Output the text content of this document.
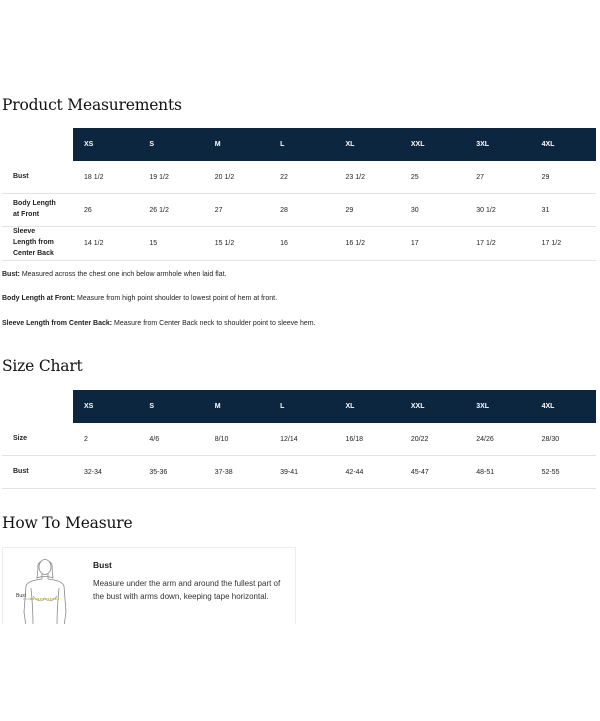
Product Measurements
	XS	S	M	L	XL	XXL	3XL	4XL
Bust	18 1/2	19 1/2	20 1/2	22	23 1/2	25	27	29
Body Length
at Front	26	26 1/2	27	28	29	30	30 1/2	31
Sleeve
Length from
Center Back	14 1/2	15	15 1/2	16	16 1/2	17	17 1/2	17 1/2

Bust: Measured across the chest one inch below armhole when laid flat.

Body Length at Front: Measure from high point shoulder to lowest point of hem at front.

Sleeve Length from Center Back: Measure from Center Back neck to shoulder point to sleeve hem.

Size Chart
	XS	S	M	L	XL	XXL	3XL	4XL
Size	2	4/6	8/10	12/14	16/18	20/22	24/26	28/30
Bust	32-34	35-36	37-38	39-41	42-44	45-47	48-51	52-55
How To Measure
Bust

Bust

Measure under the arm and around the fullest part of the bust with arms down, keeping tape horizontal.
